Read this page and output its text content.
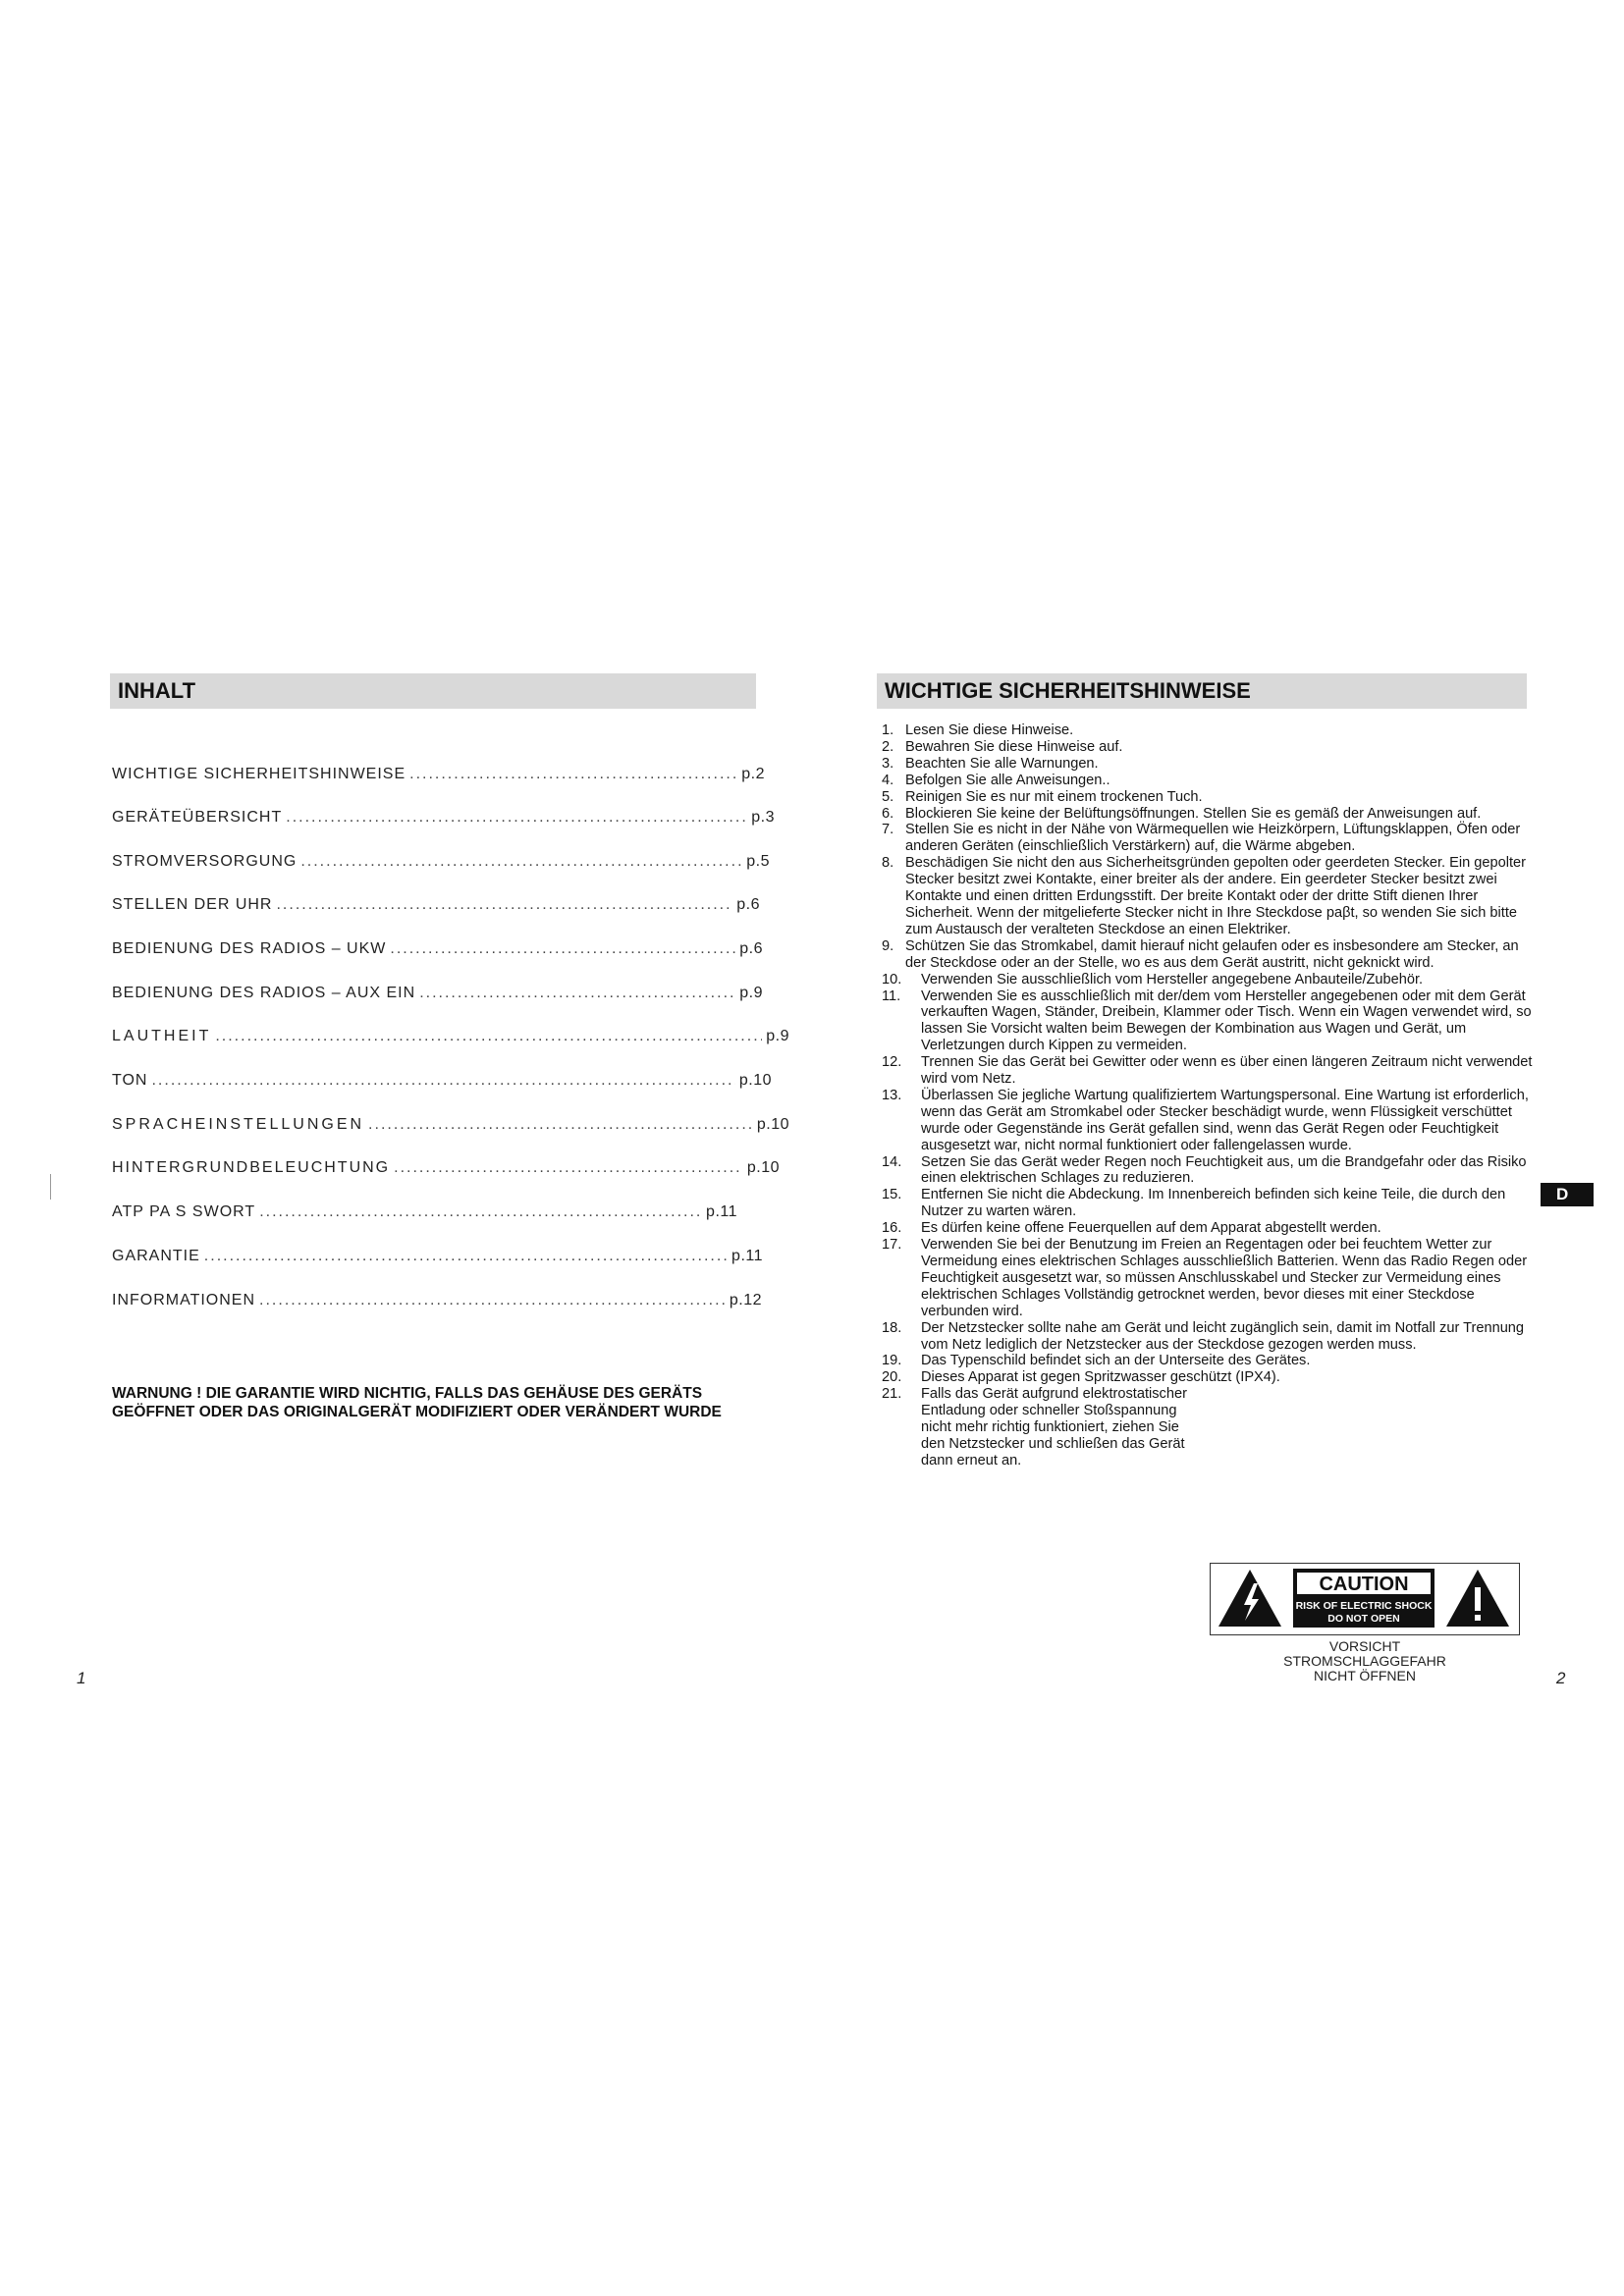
INHALT
WICHTIGE SICHERHEITSHINWEISE .....	p.2
GERÄTEÜBERSICHT .....	p.3
STROMVERSORGUNG .....	p.5
STELLEN DER UHR .....	p.6
BEDIENUNG DES RADIOS – UKW .....	p.6
BEDIENUNG DES RADIOS – AUX EIN .....	p.9
LAUTHEIT .....	p.9
TON .....	p.10
SPRACHEINSTELLUNGEN .....	p.10
HINTERGRUNDBELEUCHTUNG .....	p.10
ATP PA S SWORT .....	p.11
GARANTIE .....	p.11
INFORMATIONEN .....	p.12

WARNUNG ! DIE GARANTIE WIRD NICHTIG, FALLS DAS GEHÄUSE DES GERÄTS GEÖFFNET ODER DAS ORIGINALGERÄT MODIFIZIERT ODER VERÄNDERT WURDE

1
WICHTIGE SICHERHEITSHINWEISE
1. Lesen Sie diese Hinweise.
2. Bewahren Sie diese Hinweise auf.
3. Beachten Sie alle Warnungen.
4. Befolgen Sie alle Anweisungen..
5. Reinigen Sie es nur mit einem trockenen Tuch.
6. Blockieren Sie keine der Belüftungsöffnungen. Stellen Sie es gemäß der Anweisungen auf.
7. Stellen Sie es nicht in der Nähe von Wärmequellen wie Heizkörpern, Lüftungsklappen, Öfen oder anderen Geräten (einschließlich Verstärkern) auf, die Wärme abgeben.
8. Beschädigen Sie nicht den aus Sicherheitsgründen gepolten oder geerdeten Stecker. Ein gepolter Stecker besitzt zwei Kontakte, einer breiter als der andere. Ein geerdeter Stecker besitzt zwei Kontakte und einen dritten Erdungsstift. Der breite Kontakt oder der dritte Stift dienen Ihrer Sicherheit. Wenn der mitgelieferte Stecker nicht in Ihre Steckdose paβt, so wenden Sie sich bitte zum Austausch der veralteten Steckdose an einen Elektriker.
9. Schützen Sie das Stromkabel, damit hierauf nicht gelaufen oder es insbesondere am Stecker, an der Steckdose oder an der Stelle, wo es aus dem Gerät austritt, nicht geknickt wird.
10.	Verwenden Sie ausschließlich vom Hersteller angegebene Anbauteile/Zubehör.
11.	Verwenden Sie es ausschließlich mit der/dem vom Hersteller angegebenen oder mit dem Gerät verkauften Wagen, Ständer, Dreibein, Klammer oder Tisch. Wenn ein Wagen verwendet wird, so lassen Sie Vorsicht walten beim Bewegen der Kombination aus Wagen und Gerät, um Verletzungen durch Kippen zu vermeiden.
12.	Trennen Sie das Gerät bei Gewitter oder wenn es über einen längeren Zeitraum nicht verwendet wird vom Netz.
13.	Überlassen Sie jegliche Wartung qualifiziertem Wartungspersonal. Eine Wartung ist erforderlich, wenn das Gerät am Stromkabel oder Stecker beschädigt wurde, wenn Flüssigkeit verschüttet wurde oder Gegenstände ins Gerät gefallen sind, wenn das Gerät Regen oder Feuchtigkeit ausgesetzt war, nicht normal funktioniert oder fallengelassen wurde.
14.	Setzen Sie das Gerät weder Regen noch Feuchtigkeit aus, um die Brandgefahr oder das Risiko einen elektrischen Schlages zu reduzieren.
15.	Entfernen Sie nicht die Abdeckung. Im Innenbereich befinden sich keine Teile, die durch den Nutzer zu warten wären.
16.	Es dürfen keine offene Feuerquellen auf dem Apparat abgestellt werden.
17.	Verwenden Sie bei der Benutzung im Freien an Regentagen oder bei feuchtem Wetter zur Vermeidung eines elektrischen Schlages ausschließlich Batterien. Wenn das Radio Regen oder Feuchtigkeit ausgesetzt war, so müssen Anschlusskabel und Stecker zur Vermeidung eines elektrischen Schlages Vollständig getrocknet werden, bevor dieses mit einer Steckdose verbunden wird.
18.	Der Netzstecker sollte nahe am Gerät und leicht zugänglich sein, damit im Notfall zur Trennung vom Netz lediglich der Netzstecker aus der Steckdose gezogen werden muss.
19.	Das Typenschild befindet sich an der Unterseite des Gerätes.
20.	Dieses Apparat ist gegen Spritzwasser geschützt (IPX4).
21.	Falls das Gerät aufgrund elektrostatischer Entladung oder schneller Stoßspannung nicht mehr richtig funktioniert, ziehen Sie den Netzstecker und schließen das Gerät dann erneut an.
CAUTION
RISK OF ELECTRIC SHOCK
DO NOT OPEN
VORSICHT
STROMSCHLAGGEFAHR
NICHT ÖFFNEN
D
2
